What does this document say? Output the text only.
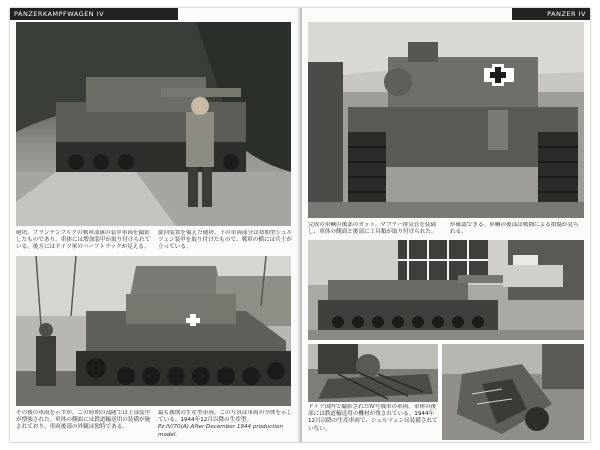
PANZERKAMPFWAGEN IV
砲塔、ブランデンブルクの戦車部隊の装甲車両を撮影したものであり、車体には増加装甲が取り付けられている。後方にはドイツ軍のハーフトラックが見える。
旋回装置を備えた砲塔、下の車両部分は初期型シュルツェン装甲を取り付けたもので、戦車の横には兵士が立っている。
その後の車両を示すが、この時期の部隊では上部装甲が増強された。車体の側面には鉄道輸送用の装備が施されており、車両後部の外観は独特である。
最も後期の生産型車両。この写真は車両の全体を示している。1944年12月以降の生産型。
Pz.IV/70(A) After December 1944 production model.
PANZER IV
完成の車輌の後部のカット。マフラー排気管を装備し、車体の側面と後部に工具類が取り付けられた。
が確認できる。車輌の後部は戦闘による損傷が見られる。
ドイツ国内で撮影されたIV号戦車の車両。車体の後部には鉄道輸送用の機材が残されている。1944年12月以降の生産車両で、シュルツェンは装備されていない。
